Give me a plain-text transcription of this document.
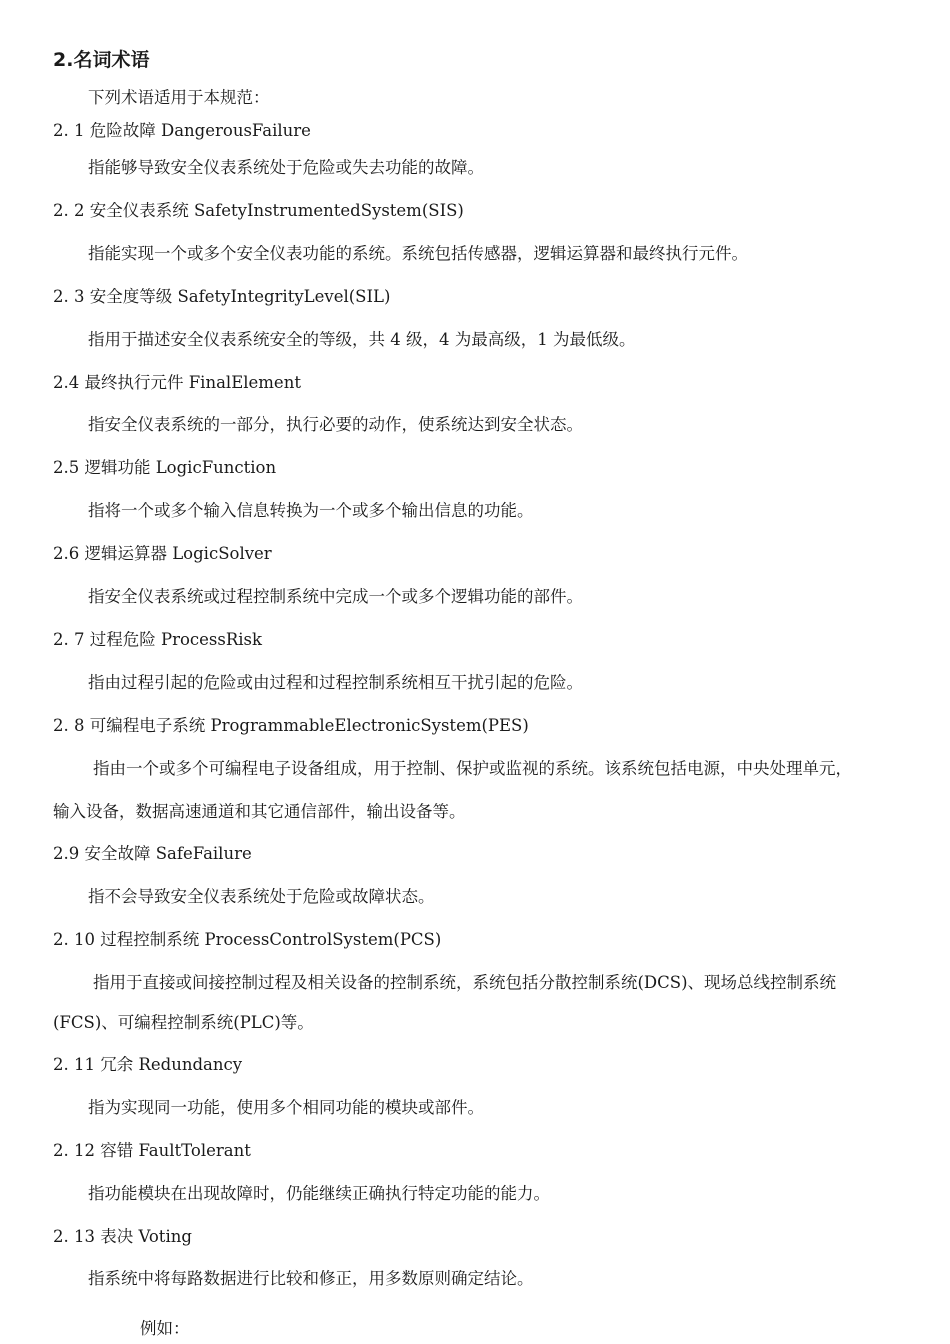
2.名词术语
下列术语适用于本规范：
2. 1 危险故障 DangerousFailure
指能够导致安全仪表系统处于危险或失去功能的故障。
2. 2 安全仪表系统 SafetyInstrumentedSystem(SIS)
指能实现一个或多个安全仪表功能的系统。系统包括传感器，逻辑运算器和最终执行元件。
2. 3 安全度等级 SafetyIntegrityLevel(SIL)
指用于描述安全仪表系统安全的等级，共 4 级，4 为最高级，1 为最低级。
2.4 最终执行元件 FinalElement
指安全仪表系统的一部分，执行必要的动作，使系统达到安全状态。
2.5 逻辑功能 LogicFunction
指将一个或多个输入信息转换为一个或多个输出信息的功能。
2.6 逻辑运算器 LogicSolver
指安全仪表系统或过程控制系统中完成一个或多个逻辑功能的部件。
2. 7 过程危险 ProcessRisk
指由过程引起的危险或由过程和过程控制系统相互干扰引起的危险。
2. 8 可编程电子系统 ProgrammableElectronicSystem(PES)
指由一个或多个可编程电子设备组成，用于控制、保护或监视的系统。该系统包括电源，中央处理单元，
输入设备，数据高速通道和其它通信部件，输出设备等。
2.9 安全故障 SafeFailure
指不会导致安全仪表系统处于危险或故障状态。
2. 10 过程控制系统 ProcessControlSystem(PCS)
指用于直接或间接控制过程及相关设备的控制系统，系统包括分散控制系统(DCS)、现场总线控制系统
(FCS)、可编程控制系统(PLC)等。
2. 11 冗余 Redundancy
指为实现同一功能，使用多个相同功能的模块或部件。
2. 12 容错 FaultTolerant
指功能模块在出现故障时，仍能继续正确执行特定功能的能力。
2. 13 表决 Voting
指系统中将每路数据进行比较和修正，用多数原则确定结论。
例如：
